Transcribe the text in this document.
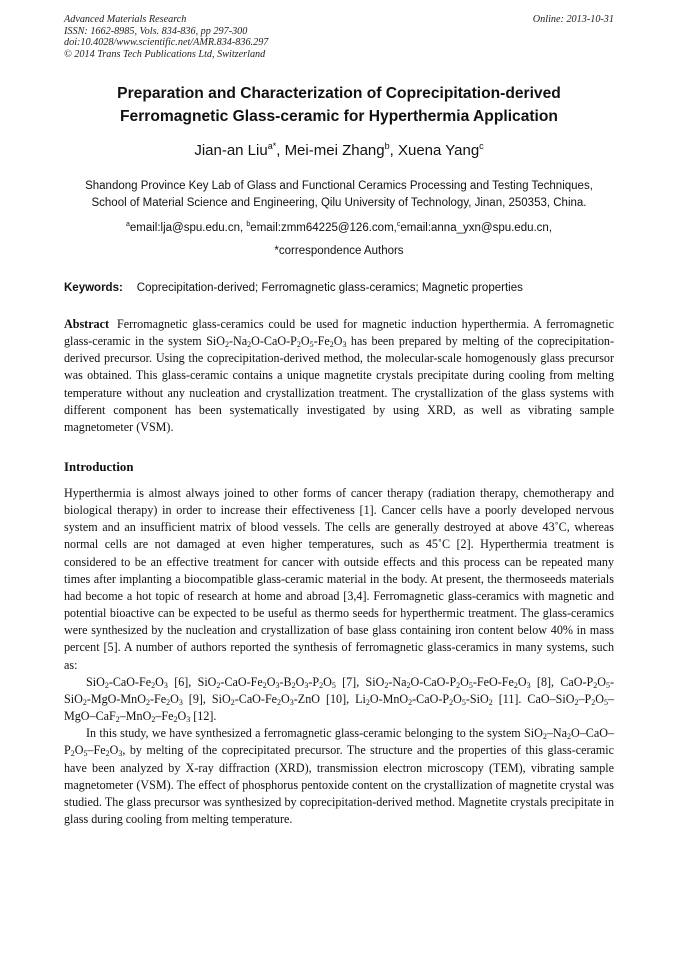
Advanced Materials Research
ISSN: 1662-8985, Vols. 834-836, pp 297-300
doi:10.4028/www.scientific.net/AMR.834-836.297
© 2014 Trans Tech Publications Ltd, Switzerland
Online: 2013-10-31
Preparation and Characterization of Coprecipitation-derived
Ferromagnetic Glass-ceramic for Hyperthermia Application
Jian-an Liu$^{a*}$, Mei-mei Zhang$^b$, Xuena Yang$^c$
Shandong Province Key Lab of Glass and Functional Ceramics Processing and Testing Techniques,
School of Material Science and Engineering, Qilu University of Technology, Jinan, 250353, China.
$^a$email:lja@spu.edu.cn, $^b$email:zmm64225@126.com,$^c$email:anna_yxn@spu.edu.cn,
*correspondence Authors
Keywords: Coprecipitation-derived; Ferromagnetic glass-ceramics; Magnetic properties
Abstract Ferromagnetic glass-ceramics could be used for magnetic induction hyperthermia. A ferromagnetic glass-ceramic in the system $SiO_2-Na_2O-CaO-P_2O_5-Fe_2O_3$ has been prepared by melting of the coprecipitation-derived precursor. Using the coprecipitation-derived method, the molecular-scale homogenously glass precursor was obtained. This glass-ceramic contains a unique magnetite crystals precipitate during cooling from melting temperature without any nucleation and crystallization treatment. The crystallization of the glass systems with different component has been systematically investigated by using XRD, as well as vibrating sample magnetometer (VSM).
Introduction

Hyperthermia is almost always joined to other forms of cancer therapy (radiation therapy, chemotherapy and biological therapy) in order to increase their effectiveness [1]. Cancer cells have a poorly developed nervous system and an insufficient matrix of blood vessels. The cells are generally destroyed at above 43˚C, whereas normal cells are not damaged at even higher temperatures, such as 45˚C [2]. Hyperthermia treatment is considered to be an effective treatment for cancer with outside effects and this process can be repeated many times after implanting a biocompatible glass-ceramic material in the body. At present, the thermoseeds materials had become a hot topic of research at home and abroad [3,4]. Ferromagnetic glass-ceramics with magnetic and potential bioactive can be expected to be useful as thermo seeds for hyperthermic treatment. The glass-ceramics were synthesized by the nucleation and crystallization of base glass containing iron content below 40% in mass percent [5]. A number of authors reported the synthesis of ferromagnetic glass-ceramics in many systems, such as:

$SiO_2-CaO-Fe_2O_3$ [6], $SiO_2-CaO-Fe_2O_3-B_2O_3-P_2O_5$ [7], $SiO_2-Na_2O-CaO-P_2O_5-FeO-Fe_2O_3$ [8], CaO-$P_2O_5-SiO_2-MgO-MnO_2-Fe_2O_3$ [9], $SiO_2-CaO-Fe_2O_3$-ZnO [10], $Li_2O-MnO_2-CaO-P_2O_5-SiO_2$ [11]. CaO–$SiO_2-P_2O_5-MgO-CaF_2-MnO_2-Fe_2O_3$ [12].

In this study, we have synthesized a ferromagnetic glass-ceramic belonging to the system $SiO_2-Na_2O-CaO-P_2O_5-Fe_2O_3$, by melting of the coprecipitated precursor. The structure and the properties of this glass-ceramic have been analyzed by X-ray diffraction (XRD), transmission electron microscopy (TEM), vibrating sample magnetometer (VSM). The effect of phosphorus pentoxide content on the crystallization of magnetite crystal was studied. The glass precursor was synthesized by coprecipitation-derived method. Magnetite crystals precipitate in glass during cooling from melting temperature.
